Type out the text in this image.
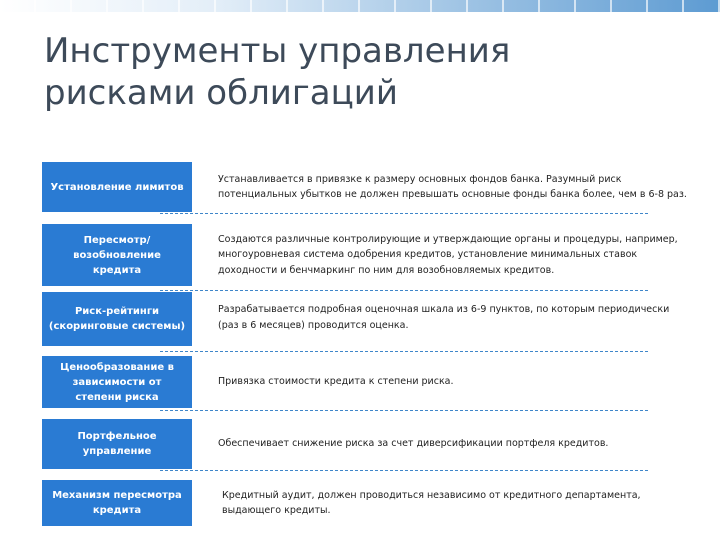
Инструменты управления рисками облигаций
Установление лимитов
Устанавливается в привязке к размеру основных фондов банка. Разумный риск потенциальных убытков не должен превышать основные фонды банка более, чем в 6-8 раз.
Пересмотр/ возобновление кредита
Создаются различные контролирующие и утверждающие органы и процедуры, например, многоуровневая система одобрения кредитов, установление минимальных ставок доходности и бенчмаркинг по ним для возобновляемых кредитов.
Риск-рейтинги (скоринговые системы)
Разрабатывается подробная оценочная шкала из 6-9 пунктов, по которым периодически (раз в 6 месяцев) проводится оценка.
Ценообразование в зависимости от степени риска
Привязка стоимости кредита к степени риска.
Портфельное управление
Обеспечивает снижение риска за счет диверсификации портфеля кредитов.
Механизм пересмотра кредита
Кредитный аудит, должен проводиться независимо от кредитного департамента, выдающего кредиты.
